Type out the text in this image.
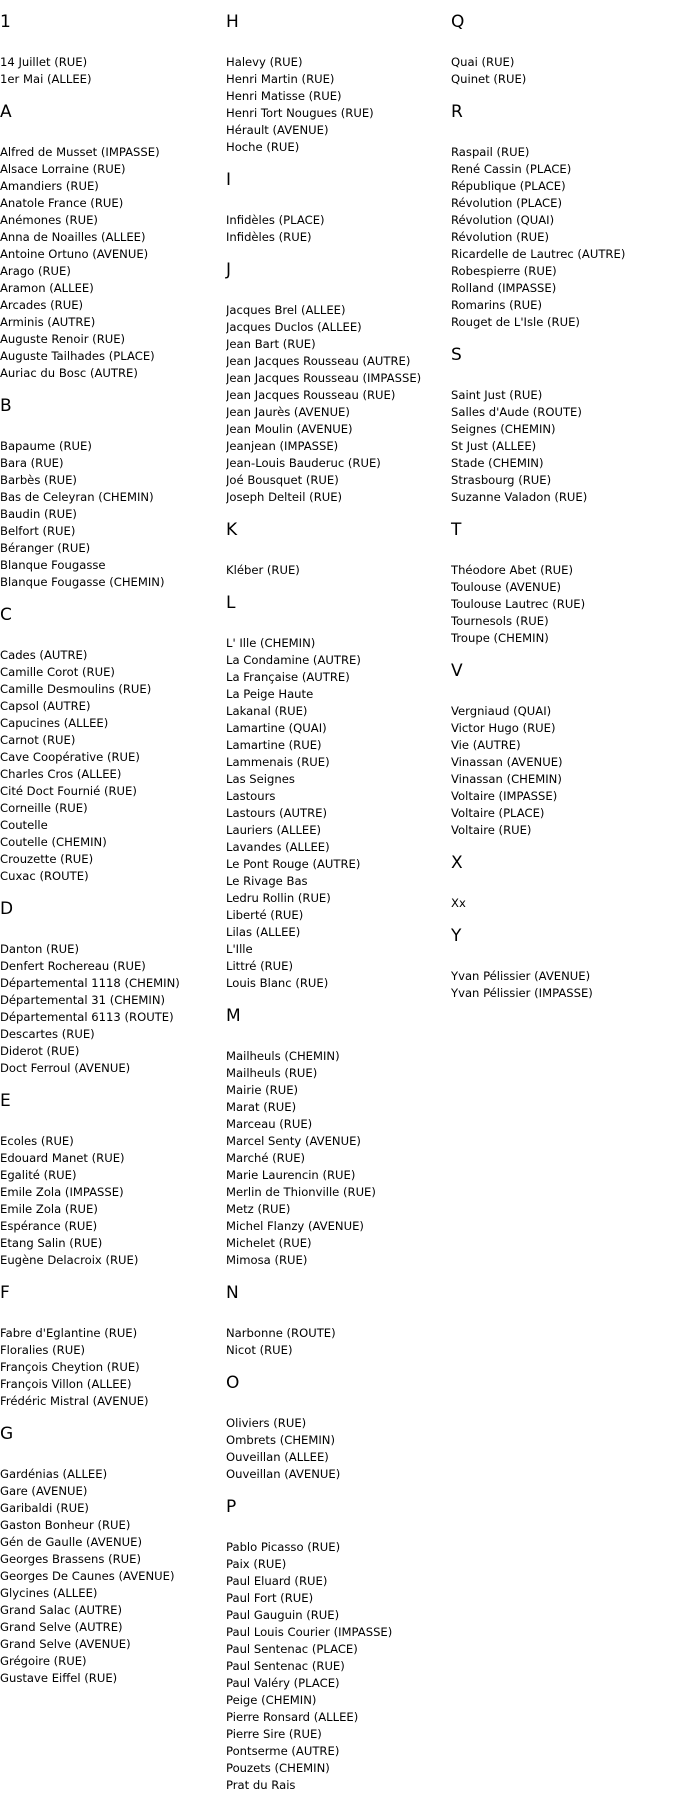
1
14 Juillet (RUE)
1er Mai (ALLEE)
A
Alfred de Musset (IMPASSE)
Alsace Lorraine (RUE)
Amandiers (RUE)
Anatole France (RUE)
Anémones (RUE)
Anna de Noailles (ALLEE)
Antoine Ortuno (AVENUE)
Arago (RUE)
Aramon (ALLEE)
Arcades (RUE)
Arminis (AUTRE)
Auguste Renoir (RUE)
Auguste Tailhades (PLACE)
Auriac du Bosc (AUTRE)
B
Bapaume (RUE)
Bara (RUE)
Barbès (RUE)
Bas de Celeyran (CHEMIN)
Baudin (RUE)
Belfort (RUE)
Béranger (RUE)
Blanque Fougasse
Blanque Fougasse (CHEMIN)
C
Cades (AUTRE)
Camille Corot (RUE)
Camille Desmoulins (RUE)
Capsol (AUTRE)
Capucines (ALLEE)
Carnot (RUE)
Cave Coopérative (RUE)
Charles Cros (ALLEE)
Cité Doct Fournié (RUE)
Corneille (RUE)
Coutelle
Coutelle (CHEMIN)
Crouzette (RUE)
Cuxac (ROUTE)
D
Danton (RUE)
Denfert Rochereau (RUE)
Départemental 1118 (CHEMIN)
Départemental 31 (CHEMIN)
Départemental 6113 (ROUTE)
Descartes (RUE)
Diderot (RUE)
Doct Ferroul (AVENUE)
E
Ecoles (RUE)
Edouard Manet (RUE)
Egalité (RUE)
Emile Zola (IMPASSE)
Emile Zola (RUE)
Espérance (RUE)
Etang Salin (RUE)
Eugène Delacroix (RUE)
F
Fabre d'Eglantine (RUE)
Floralies (RUE)
François Cheytion (RUE)
François Villon (ALLEE)
Frédéric Mistral (AVENUE)
G
Gardénias (ALLEE)
Gare (AVENUE)
Garibaldi (RUE)
Gaston Bonheur (RUE)
Gén de Gaulle (AVENUE)
Georges Brassens (RUE)
Georges De Caunes (AVENUE)
Glycines (ALLEE)
Grand Salac (AUTRE)
Grand Selve (AUTRE)
Grand Selve (AVENUE)
Grégoire (RUE)
Gustave Eiffel (RUE)
H
Halevy (RUE)
Henri Martin (RUE)
Henri Matisse (RUE)
Henri Tort Nougues (RUE)
Hérault (AVENUE)
Hoche (RUE)
I
Infidèles (PLACE)
Infidèles (RUE)
J
Jacques Brel (ALLEE)
Jacques Duclos (ALLEE)
Jean Bart (RUE)
Jean Jacques Rousseau (AUTRE)
Jean Jacques Rousseau (IMPASSE)
Jean Jacques Rousseau (RUE)
Jean Jaurès (AVENUE)
Jean Moulin (AVENUE)
Jeanjean (IMPASSE)
Jean-Louis Bauderuc (RUE)
Joé Bousquet (RUE)
Joseph Delteil (RUE)
K
Kléber (RUE)
L
L' Ille (CHEMIN)
La Condamine (AUTRE)
La Française (AUTRE)
La Peige Haute
Lakanal (RUE)
Lamartine (QUAI)
Lamartine (RUE)
Lammenais (RUE)
Las Seignes
Lastours
Lastours (AUTRE)
Lauriers (ALLEE)
Lavandes (ALLEE)
Le Pont Rouge (AUTRE)
Le Rivage Bas
Ledru Rollin (RUE)
Liberté (RUE)
Lilas (ALLEE)
L'Ille
Littré (RUE)
Louis Blanc (RUE)
M
Mailheuls (CHEMIN)
Mailheuls (RUE)
Mairie (RUE)
Marat (RUE)
Marceau (RUE)
Marcel Senty (AVENUE)
Marché (RUE)
Marie Laurencin (RUE)
Merlin de Thionville (RUE)
Metz (RUE)
Michel Flanzy (AVENUE)
Michelet (RUE)
Mimosa (RUE)
N
Narbonne (ROUTE)
Nicot (RUE)
O
Oliviers (RUE)
Ombrets (CHEMIN)
Ouveillan (ALLEE)
Ouveillan (AVENUE)
P
Pablo Picasso (RUE)
Paix (RUE)
Paul Eluard (RUE)
Paul Fort (RUE)
Paul Gauguin (RUE)
Paul Louis Courier (IMPASSE)
Paul Sentenac (PLACE)
Paul Sentenac (RUE)
Paul Valéry (PLACE)
Peige (CHEMIN)
Pierre Ronsard (ALLEE)
Pierre Sire (RUE)
Pontserme (AUTRE)
Pouzets (CHEMIN)
Prat du Rais
Q
Quai (RUE)
Quinet (RUE)
R
Raspail (RUE)
René Cassin (PLACE)
République (PLACE)
Révolution (PLACE)
Révolution (QUAI)
Révolution (RUE)
Ricardelle de Lautrec (AUTRE)
Robespierre (RUE)
Rolland (IMPASSE)
Romarins (RUE)
Rouget de L'Isle (RUE)
S
Saint Just (RUE)
Salles d'Aude (ROUTE)
Seignes (CHEMIN)
St Just (ALLEE)
Stade (CHEMIN)
Strasbourg (RUE)
Suzanne Valadon (RUE)
T
Théodore Abet (RUE)
Toulouse (AVENUE)
Toulouse Lautrec (RUE)
Tournesols (RUE)
Troupe (CHEMIN)
V
Vergniaud (QUAI)
Victor Hugo (RUE)
Vie (AUTRE)
Vinassan (AVENUE)
Vinassan (CHEMIN)
Voltaire (IMPASSE)
Voltaire (PLACE)
Voltaire (RUE)
X
Xx
Y
Yvan Pélissier (AVENUE)
Yvan Pélissier (IMPASSE)
